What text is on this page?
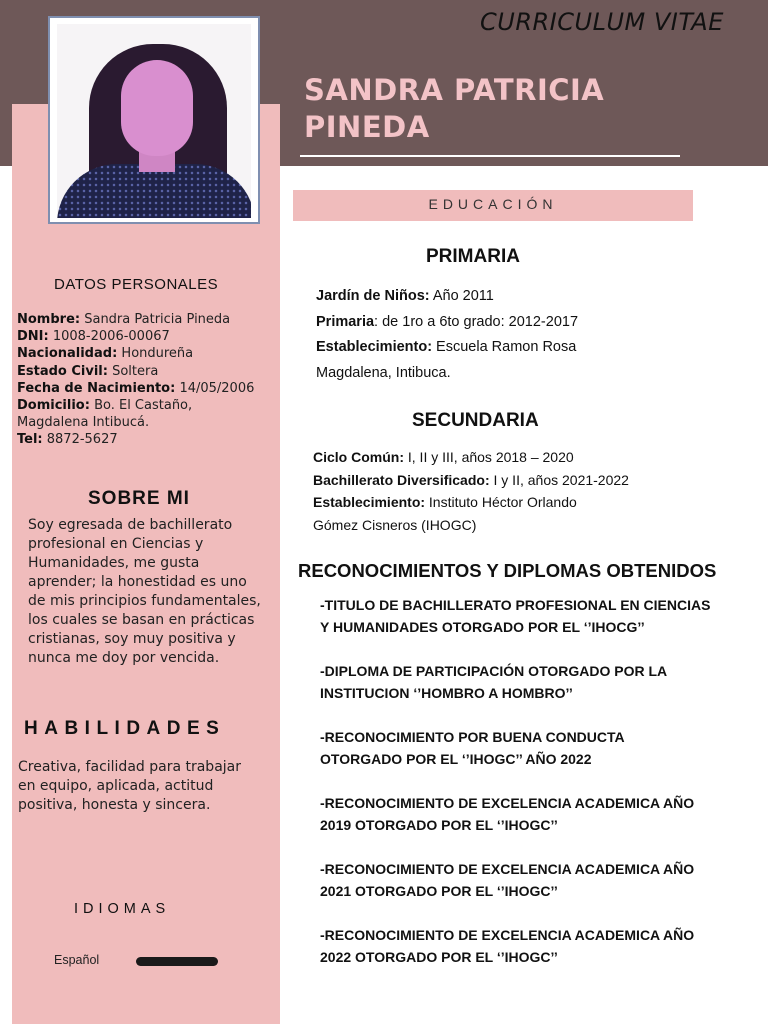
CURRICULUM VITAE
SANDRA PATRICIA
PINEDA
DATOS PERSONALES
Nombre: Sandra Patricia Pineda
DNI: 1008-2006-00067
Nacionalidad: Hondureña
Estado Civil: Soltera
Fecha de Nacimiento: 14/05/2006
Domicilio: Bo. El Castaño, Magdalena Intibucá.
Tel: 8872-5627
SOBRE MI
Soy egresada de bachillerato profesional en Ciencias y Humanidades, me gusta aprender; la honestidad es uno de mis principios fundamentales, los cuales se basan en prácticas cristianas, soy muy positiva y nunca me doy por vencida.
HABILIDADES
Creativa, facilidad para trabajar en equipo, aplicada, actitud positiva, honesta y sincera.
IDIOMAS
Español
EDUCACIÓN
PRIMARIA
Jardín de Niños: Año 2011
Primaria: de 1ro a 6to grado: 2012-2017
Establecimiento: Escuela Ramon Rosa
Magdalena, Intibuca.
SECUNDARIA
Ciclo Común: I, II y III, años 2018 – 2020
Bachillerato Diversificado: I y II, años 2021-2022
Establecimiento: Instituto Héctor Orlando
Gómez Cisneros (IHOGC)
RECONOCIMIENTOS Y DIPLOMAS OBTENIDOS
-TITULO DE BACHILLERATO PROFESIONAL EN CIENCIAS
Y HUMANIDADES OTORGADO POR EL ‘’IHOCG’’
-DIPLOMA DE PARTICIPACIÓN OTORGADO POR LA
INSTITUCION ‘’HOMBRO A HOMBRO’’
-RECONOCIMIENTO POR BUENA CONDUCTA
OTORGADO POR EL ‘’IHOGC’’ AÑO 2022
-RECONOCIMIENTO DE EXCELENCIA ACADEMICA AÑO
2019 OTORGADO POR EL ‘’IHOGC’’
-RECONOCIMIENTO DE EXCELENCIA ACADEMICA AÑO
2021 OTORGADO POR EL ‘’IHOGC’’
-RECONOCIMIENTO DE EXCELENCIA ACADEMICA AÑO
2022 OTORGADO POR EL ‘’IHOGC’’
